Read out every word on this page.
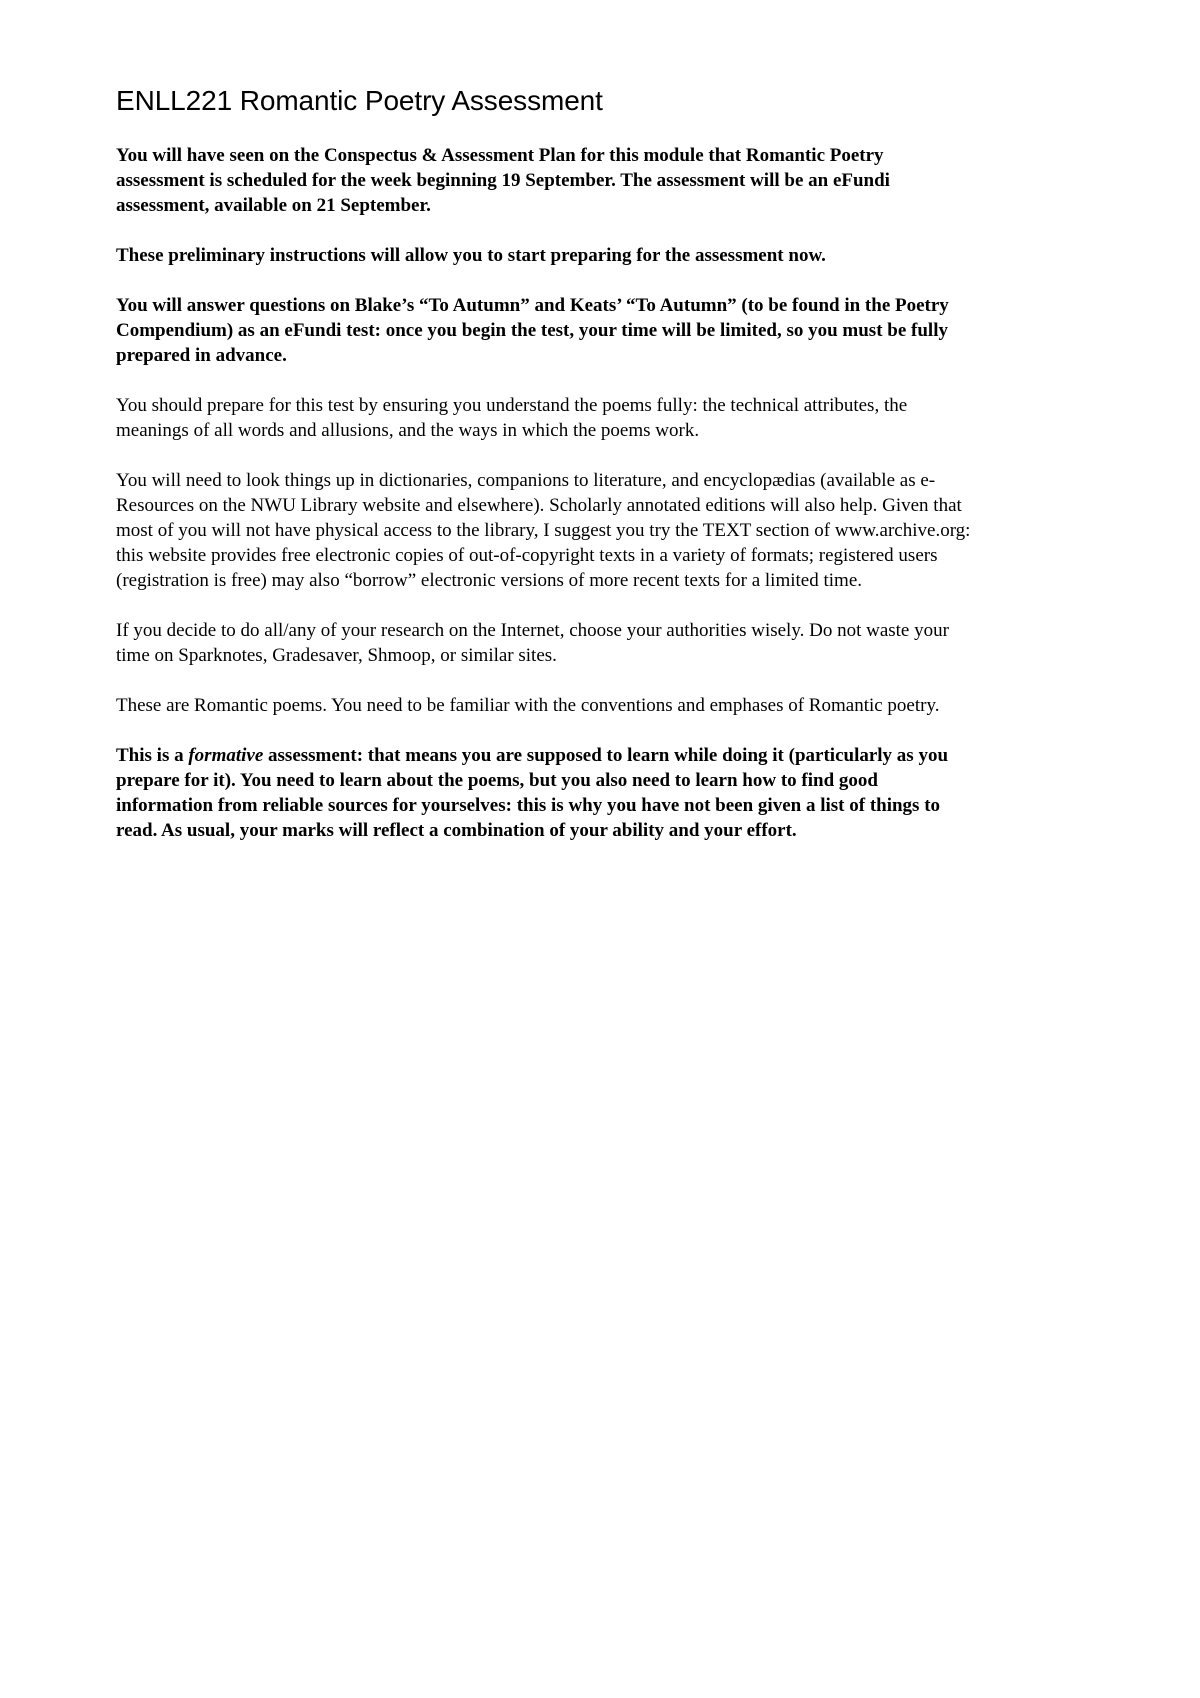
ENLL221 Romantic Poetry Assessment

You will have seen on the Conspectus & Assessment Plan for this module that Romantic Poetry
assessment is scheduled for the week beginning 19 September. The assessment will be an eFundi
assessment, available on 21 September.

These preliminary instructions will allow you to start preparing for the assessment now.

You will answer questions on Blake’s “To Autumn” and Keats’ “To Autumn” (to be found in the Poetry
Compendium) as an eFundi test: once you begin the test, your time will be limited, so you must be fully
prepared in advance.

You should prepare for this test by ensuring you understand the poems fully: the technical attributes, the
meanings of all words and allusions, and the ways in which the poems work.

You will need to look things up in dictionaries, companions to literature, and encyclopædias (available as e-
Resources on the NWU Library website and elsewhere). Scholarly annotated editions will also help. Given that
most of you will not have physical access to the library, I suggest you try the TEXT section of www.archive.org:
this website provides free electronic copies of out-of-copyright texts in a variety of formats; registered users
(registration is free) may also “borrow” electronic versions of more recent texts for a limited time.

If you decide to do all/any of your research on the Internet, choose your authorities wisely. Do not waste your
time on Sparknotes, Gradesaver, Shmoop, or similar sites.

These are Romantic poems. You need to be familiar with the conventions and emphases of Romantic poetry.

This is a formative assessment: that means you are supposed to learn while doing it (particularly as you
prepare for it). You need to learn about the poems, but you also need to learn how to find good
information from reliable sources for yourselves: this is why you have not been given a list of things to
read. As usual, your marks will reflect a combination of your ability and your effort.
